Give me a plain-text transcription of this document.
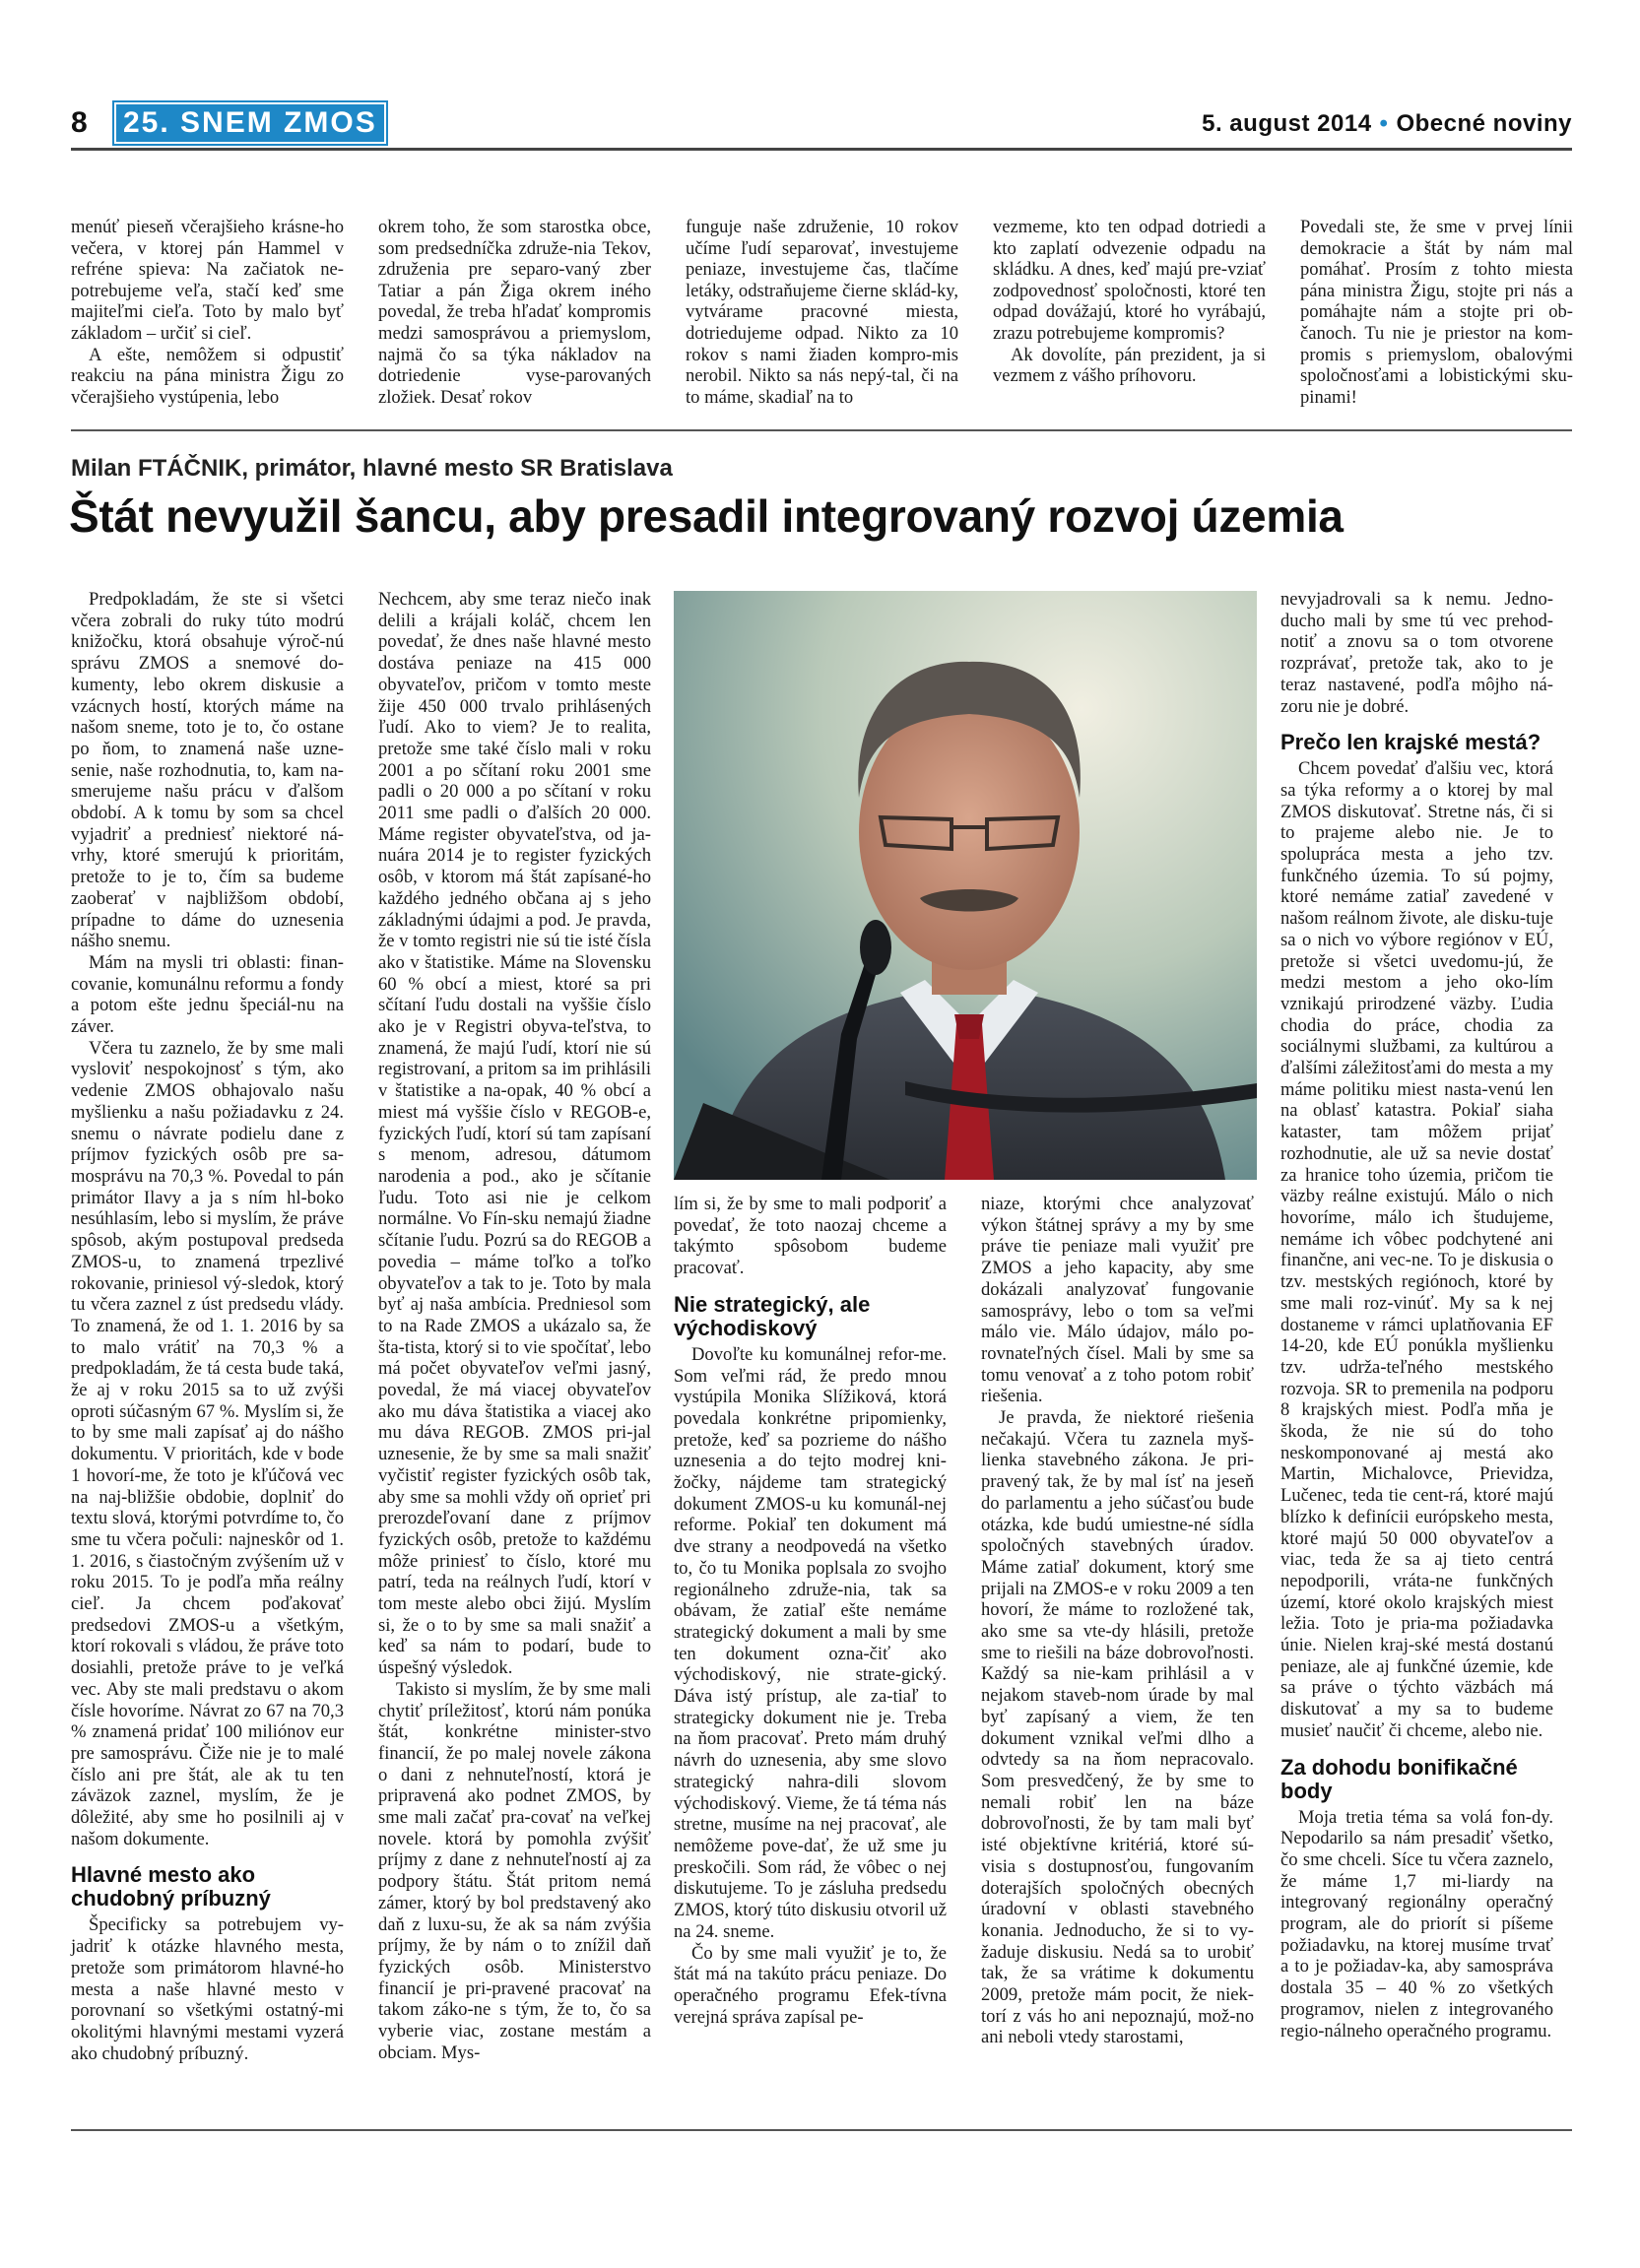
8 25. SNEM ZMOS	5. august 2014 • Obecné noviny

menúť pieseň včerajšieho krásne-ho večera, v ktorej pán Hammel v refréne spieva: Na začiatok ne-potrebujeme veľa, stačí keď sme majiteľmi cieľa. Toto by malo byť základom – určiť si cieľ.

A ešte, nemôžem si odpustiť reakciu na pána ministra Žigu zo včerajšieho vystúpenia, lebo

okrem toho, že som starostka obce, som predsedníčka združe-nia Tekov, združenia pre separo-vaný zber Tatiar a pán Žiga okrem iného povedal, že treba hľadať kompromis medzi samosprávou a priemyslom, najmä čo sa týka nákladov na dotriedenie vyse-parovaných zložiek. Desať rokov

funguje naše združenie, 10 rokov učíme ľudí separovať, investujeme peniaze, investujeme čas, tlačíme letáky, odstraňujeme čierne sklád-ky, vytvárame pracovné miesta, dotriedujeme odpad. Nikto za 10 rokov s nami žiaden kompro-mis nerobil. Nikto sa nás nepý-tal, či na to máme, skadiaľ na to

vezmeme, kto ten odpad dotriedi a kto zaplatí odvezenie odpadu na skládku. A dnes, keď majú pre-vziať zodpovednosť spoločnosti, ktoré ten odpad dovážajú, ktoré ho vyrábajú, zrazu potrebujeme kompromis?

Ak dovolíte, pán prezident, ja si vezmem z vášho príhovoru.

Povedali ste, že sme v prvej línii demokracie a štát by nám mal pomáhať. Prosím z tohto miesta pána ministra Žigu, stojte pri nás a pomáhajte nám a stojte pri ob-čanoch. Tu nie je priestor na kom-promis s priemyslom, obalovými spoločnosťami a lobistickými sku-pinami!

Milan FTÁČNIK, primátor, hlavné mesto SR Bratislava
Štát nevyužil šancu, aby presadil integrovaný rozvoj územia

Predpokladám, že ste si všetci včera zobrali do ruky túto modrú knižočku, ktorá obsahuje výroč-nú správu ZMOS a snemové do-kumenty, lebo okrem diskusie a vzácnych hostí, ktorých máme na našom sneme, toto je to, čo ostane po ňom, to znamená naše uzne-senie, naše rozhodnutia, to, kam na-smerujeme našu prácu v ďalšom období. A k tomu by som sa chcel vyjadriť a predniesť niektoré ná-vrhy, ktoré smerujú k prioritám, pretože to je to, čím sa budeme zaoberať v najbližšom období, prípadne to dáme do uznesenia nášho snemu.

Mám na mysli tri oblasti: finan-covanie, komunálnu reformu a fondy a potom ešte jednu špeciál-nu na záver.

Včera tu zaznelo, že by sme mali vysloviť nespokojnosť s tým, ako vedenie ZMOS obhajovalo našu myšlienku a našu požiadavku z 24. snemu o návrate podielu dane z príjmov fyzických osôb pre sa-mosprávu na 70,3 %. Povedal to pán primátor Ilavy a ja s ním hl-boko nesúhlasím, lebo si myslím, že práve spôsob, akým postupoval predseda ZMOS-u, to znamená trpezlivé rokovanie, priniesol vý-sledok, ktorý tu včera zaznel z úst predsedu vlády. To znamená, že od 1. 1. 2016 by sa to malo vrátiť na 70,3 % a predpokladám, že tá cesta bude taká, že aj v roku 2015 sa to už zvýši oproti súčasným 67 %. Myslím si, že to by sme mali zapísať aj do nášho dokumentu. V prioritách, kde v bode 1 hovorí-me, že toto je kľúčová vec na naj-bližšie obdobie, doplniť do textu slová, ktorými potvrdíme to, čo sme tu včera počuli: najneskôr od 1. 1. 2016, s čiastočným zvýšením už v roku 2015. To je podľa mňa reálny cieľ. Ja chcem poďakovať predsedovi ZMOS-u a všetkým, ktorí rokovali s vládou, že práve toto dosiahli, pretože práve to je veľká vec. Aby ste mali predstavu o akom čísle hovoríme. Návrat zo 67 na 70,3 % znamená pridať 100 miliónov eur pre samosprávu. Čiže nie je to malé číslo ani pre štát, ale ak tu ten záväzok zaznel, myslím, že je dôležité, aby sme ho posilnili aj v našom dokumente.

Hlavné mesto ako chudobný príbuzný

Špecificky sa potrebujem vy-jadriť k otázke hlavného mesta, pretože som primátorom hlavné-ho mesta a naše hlavné mesto v porovnaní so všetkými ostatný-mi okolitými hlavnými mestami vyzerá ako chudobný príbuzný.

Nechcem, aby sme teraz niečo inak delili a krájali koláč, chcem len povedať, že dnes naše hlavné mesto dostáva peniaze na 415 000 obyvateľov, pričom v tomto meste žije 450 000 trvalo prihlásených ľudí. Ako to viem? Je to realita, pretože sme také číslo mali v roku 2001 a po sčítaní roku 2001 sme padli o 20 000 a po sčítaní v roku 2011 sme padli o ďalších 20 000. Máme register obyvateľstva, od ja-nuára 2014 je to register fyzických osôb, v ktorom má štát zapísané-ho každého jedného občana aj s jeho základnými údajmi a pod. Je pravda, že v tomto registri nie sú tie isté čísla ako v štatistike. Máme na Slovensku 60 % obcí a miest, ktoré sa pri sčítaní ľudu dostali na vyššie číslo ako je v Registri obyva-teľstva, to znamená, že majú ľudí, ktorí nie sú registrovaní, a pritom sa im prihlásili v štatistike a na-opak, 40 % obcí a miest má vyššie číslo v REGOB-e, fyzických ľudí, ktorí sú tam zapísaní s menom, adresou, dátumom narodenia a pod., ako je sčítanie ľudu. Toto asi nie je celkom normálne. Vo Fín-sku nemajú žiadne sčítanie ľudu. Pozrú sa do REGOB a povedia – máme toľko a toľko obyvateľov a tak to je. Toto by mala byť aj naša ambícia. Predniesol som to na Rade ZMOS a ukázalo sa, že šta-tista, ktorý si to vie spočítať, lebo má počet obyvateľov veľmi jasný, povedal, že má viacej obyvateľov ako mu dáva štatistika a viacej ako mu dáva REGOB. ZMOS pri-jal uznesenie, že by sme sa mali snažiť vyčistiť register fyzických osôb tak, aby sme sa mohli vždy oň oprieť pri prerozdeľovaní dane z príjmov fyzických osôb, pretože to každému môže priniesť to číslo, ktoré mu patrí, teda na reálnych ľudí, ktorí v tom meste alebo obci žijú. Myslím si, že o to by sme sa mali snažiť a keď sa nám to podarí, bude to úspešný výsledok.

Takisto si myslím, že by sme mali chytiť príležitosť, ktorú nám ponúka štát, konkrétne minister-stvo financií, že po malej novele zákona o dani z nehnuteľností, ktorá je pripravená ako podnet ZMOS, by sme mali začať pra-covať na veľkej novele. ktorá by pomohla zvýšiť príjmy z dane z nehnuteľností aj za podpory štátu. Štát pritom nemá zámer, ktorý by bol predstavený ako daň z luxu-su, že ak sa nám zvýšia príjmy, že by nám o to znížil daň fyzických osôb. Ministerstvo financií je pri-pravené pracovať na takom záko-ne s tým, že to, čo sa vyberie viac, zostane mestám a obciam. Mys-

lím si, že by sme to mali podporiť a povedať, že toto naozaj chceme a takýmto spôsobom budeme pracovať.

Nie strategický, ale východiskový

Dovoľte ku komunálnej refor-me. Som veľmi rád, že predo mnou vystúpila Monika Slížiková, ktorá povedala konkrétne pripomienky, pretože, keď sa pozrieme do nášho uznesenia a do tejto modrej kni-žočky, nájdeme tam strategický dokument ZMOS-u ku komunál-nej reforme. Pokiaľ ten dokument má dve strany a neodpovedá na všetko to, čo tu Monika poplsala zo svojho regionálneho združe-nia, tak sa obávam, že zatiaľ ešte nemáme strategický dokument a mali by sme ten dokument ozna-čiť ako východiskový, nie strate-gický. Dáva istý prístup, ale za-tiaľ to strategicky dokument nie je. Treba na ňom pracovať. Preto mám druhý návrh do uznesenia, aby sme slovo strategický nahra-dili slovom východiskový. Vieme, že tá téma nás stretne, musíme na nej pracovať, ale nemôžeme pove-dať, že už sme ju preskočili. Som rád, že vôbec o nej diskutujeme. To je zásluha predsedu ZMOS, ktorý túto diskusiu otvoril už na 24. sneme.

Čo by sme mali využiť je to, že štát má na takúto prácu peniaze. Do operačného programu Efek-tívna verejná správa zapísal pe-

niaze, ktorými chce analyzovať výkon štátnej správy a my by sme práve tie peniaze mali využiť pre ZMOS a jeho kapacity, aby sme dokázali analyzovať fungovanie samosprávy, lebo o tom sa veľmi málo vie. Málo údajov, málo po-rovnateľných čísel. Mali by sme sa tomu venovať a z toho potom robiť riešenia.

Je pravda, že niektoré riešenia nečakajú. Včera tu zaznela myš-lienka stavebného zákona. Je pri-pravený tak, že by mal ísť na jeseň do parlamentu a jeho súčasťou bude otázka, kde budú umiestne-né sídla spoločných stavebných úradov. Máme zatiaľ dokument, ktorý sme prijali na ZMOS-e v roku 2009 a ten hovorí, že máme to rozložené tak, ako sme sa vte-dy hlásili, pretože sme to riešili na báze dobrovoľnosti. Každý sa nie-kam prihlásil a v nejakom staveb-nom úrade by mal byť zapísaný a viem, že ten dokument vznikal veľmi dlho a odvtedy sa na ňom nepracovalo. Som presvedčený, že by sme to nemali robiť len na báze dobrovoľnosti, že by tam mali byť isté objektívne kritériá, ktoré sú-visia s dostupnosťou, fungovaním doterajších spoločných obecných úradovní v oblasti stavebného konania. Jednoducho, že si to vy-žaduje diskusiu. Nedá sa to urobiť tak, že sa vrátime k dokumentu 2009, pretože mám pocit, že niek-torí z vás ho ani nepoznajú, mož-no ani neboli vtedy starostami,

nevyjadrovali sa k nemu. Jedno-ducho mali by sme tú vec prehod-notiť a znovu sa o tom otvorene rozprávať, pretože tak, ako to je teraz nastavené, podľa môjho ná-zoru nie je dobré.

Prečo len krajské mestá?

Chcem povedať ďalšiu vec, ktorá sa týka reformy a o ktorej by mal ZMOS diskutovať. Stretne nás, či si to prajeme alebo nie. Je to spolupráca mesta a jeho tzv. funkčného územia. To sú pojmy, ktoré nemáme zatiaľ zavedené v našom reálnom živote, ale disku-tuje sa o nich vo výbore regiónov v EÚ, pretože si všetci uvedomu-jú, že medzi mestom a jeho oko-lím vznikajú prirodzené väzby. Ľudia chodia do práce, chodia za sociálnymi službami, za kultúrou a ďalšími záležitosťami do mesta a my máme politiku miest nasta-venú len na oblasť katastra. Pokiaľ siaha kataster, tam môžem prijať rozhodnutie, ale už sa nevie dostať za hranice toho územia, pričom tie väzby reálne existujú. Málo o nich hovoríme, málo ich študujeme, nemáme ich vôbec podchytené ani finančne, ani vec-ne. To je diskusia o tzv. mestských regiónoch, ktoré by sme mali roz-vinúť. My sa k nej dostaneme v rámci uplatňovania EF 14-20, kde EÚ ponúkla myšlienku tzv. udrža-teľného mestského rozvoja. SR to premenila na podporu 8 krajských miest. Podľa mňa je škoda, že nie sú do toho neskomponované aj mestá ako Martin, Michalovce, Prievidza, Lučenec, teda tie cent-rá, ktoré majú blízko k definícii európskeho mesta, ktoré majú 50 000 obyvateľov a viac, teda že sa aj tieto centrá nepodporili, vráta-ne funkčných území, ktoré okolo krajských miest ležia. Toto je pria-ma požiadavka únie. Nielen kraj-ské mestá dostanú peniaze, ale aj funkčné územie, kde sa práve o týchto väzbách má diskutovať a my sa to budeme musieť naučiť či chceme, alebo nie.

Za dohodu bonifikačné body

Moja tretia téma sa volá fon-dy. Nepodarilo sa nám presadiť všetko, čo sme chceli. Síce tu včera zaznelo, že máme 1,7 mi-liardy na integrovaný regionálny operačný program, ale do priorít si píšeme požiadavku, na ktorej musíme trvať a to je požiadav-ka, aby samospráva dostala 35 – 40 % zo všetkých programov, nielen z integrovaného regio-nálneho operačného programu.
